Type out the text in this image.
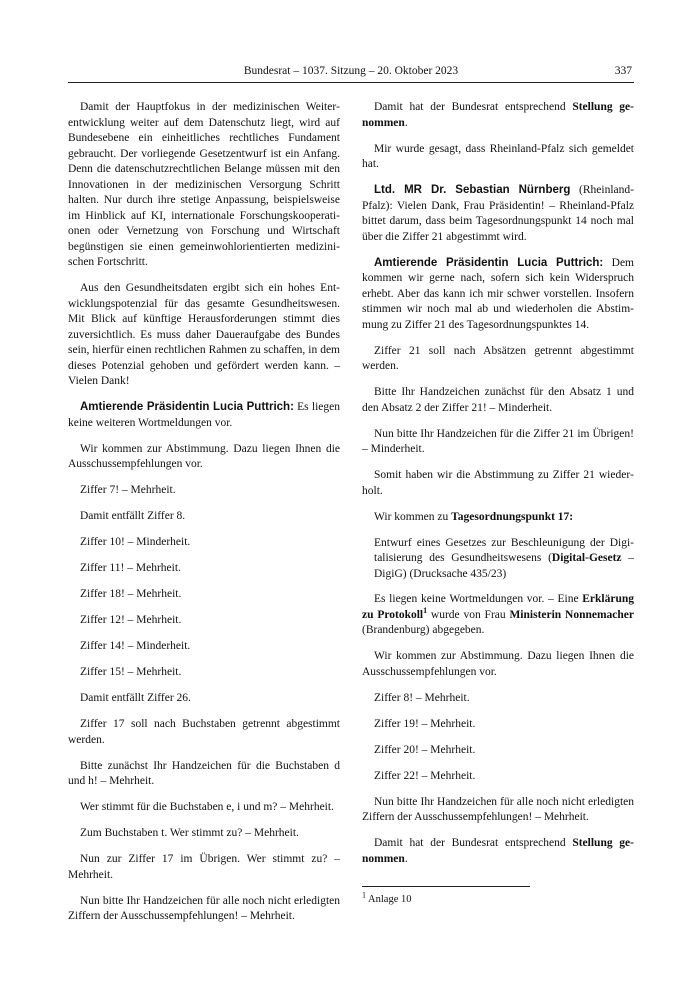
Bundesrat – 1037. Sitzung – 20. Oktober 2023	337

Damit der Hauptfokus in der medizinischen Weiterentwicklung weiter auf dem Datenschutz liegt, wird auf Bundesebene ein einheitliches rechtliches Fundament gebraucht. Der vorliegende Gesetzentwurf ist ein Anfang. Denn die datenschutzrechtlichen Belange müssen mit den Innovationen in der medizinischen Versorgung Schritt halten. Nur durch ihre stetige Anpassung, beispielsweise im Hinblick auf KI, internationale Forschungskooperationen oder Vernetzung von Forschung und Wirtschaft begünstigen sie einen gemeinwohlorientierten medizinischen Fortschritt.

Aus den Gesundheitsdaten ergibt sich ein hohes Entwicklungspotenzial für das gesamte Gesundheitswesen. Mit Blick auf künftige Herausforderungen stimmt dies zuversichtlich. Es muss daher Daueraufgabe des Bundes sein, hierfür einen rechtlichen Rahmen zu schaffen, in dem dieses Potenzial gehoben und gefördert werden kann. – Vielen Dank!

Amtierende Präsidentin Lucia Puttrich: Es liegen keine weiteren Wortmeldungen vor.

Wir kommen zur Abstimmung. Dazu liegen Ihnen die Ausschussempfehlungen vor.

Ziffer 7! – Mehrheit.

Damit entfällt Ziffer 8.

Ziffer 10! – Minderheit.

Ziffer 11! – Mehrheit.

Ziffer 18! – Mehrheit.

Ziffer 12! – Mehrheit.

Ziffer 14! – Minderheit.

Ziffer 15! – Mehrheit.

Damit entfällt Ziffer 26.

Ziffer 17 soll nach Buchstaben getrennt abgestimmt werden.

Bitte zunächst Ihr Handzeichen für die Buchstaben d und h! – Mehrheit.

Wer stimmt für die Buchstaben e, i und m? – Mehrheit.

Zum Buchstaben t. Wer stimmt zu? – Mehrheit.

Nun zur Ziffer 17 im Übrigen. Wer stimmt zu? – Mehrheit.

Nun bitte Ihr Handzeichen für alle noch nicht erledigten Ziffern der Ausschussempfehlungen! – Mehrheit.

Damit hat der Bundesrat entsprechend Stellung genommen.

Mir wurde gesagt, dass Rheinland-Pfalz sich gemeldet hat.

Ltd. MR Dr. Sebastian Nürnberg (Rheinland-Pfalz): Vielen Dank, Frau Präsidentin! – Rheinland-Pfalz bittet darum, dass beim Tagesordnungspunkt 14 noch mal über die Ziffer 21 abgestimmt wird.

Amtierende Präsidentin Lucia Puttrich: Dem kommen wir gerne nach, sofern sich kein Widerspruch erhebt. Aber das kann ich mir schwer vorstellen. Insofern stimmen wir noch mal ab und wiederholen die Abstimmung zu Ziffer 21 des Tagesordnungspunktes 14.

Ziffer 21 soll nach Absätzen getrennt abgestimmt werden.

Bitte Ihr Handzeichen zunächst für den Absatz 1 und den Absatz 2 der Ziffer 21! – Minderheit.

Nun bitte Ihr Handzeichen für die Ziffer 21 im Übrigen! – Minderheit.

Somit haben wir die Abstimmung zu Ziffer 21 wiederholt.

Wir kommen zu Tagesordnungspunkt 17:

Entwurf eines Gesetzes zur Beschleunigung der Digitalisierung des Gesundheitswesens (Digital-Gesetz – DigiG) (Drucksache 435/23)

Es liegen keine Wortmeldungen vor. – Eine Erklärung zu Protokoll$^1$ wurde von Frau Ministerin Nonnemacher (Brandenburg) abgegeben.

Wir kommen zur Abstimmung. Dazu liegen Ihnen die Ausschussempfehlungen vor.

Ziffer 8! – Mehrheit.

Ziffer 19! – Mehrheit.

Ziffer 20! – Mehrheit.

Ziffer 22! – Mehrheit.

Nun bitte Ihr Handzeichen für alle noch nicht erledigten Ziffern der Ausschussempfehlungen! – Mehrheit.

Damit hat der Bundesrat entsprechend Stellung genommen.

$^1$ Anlage 10
